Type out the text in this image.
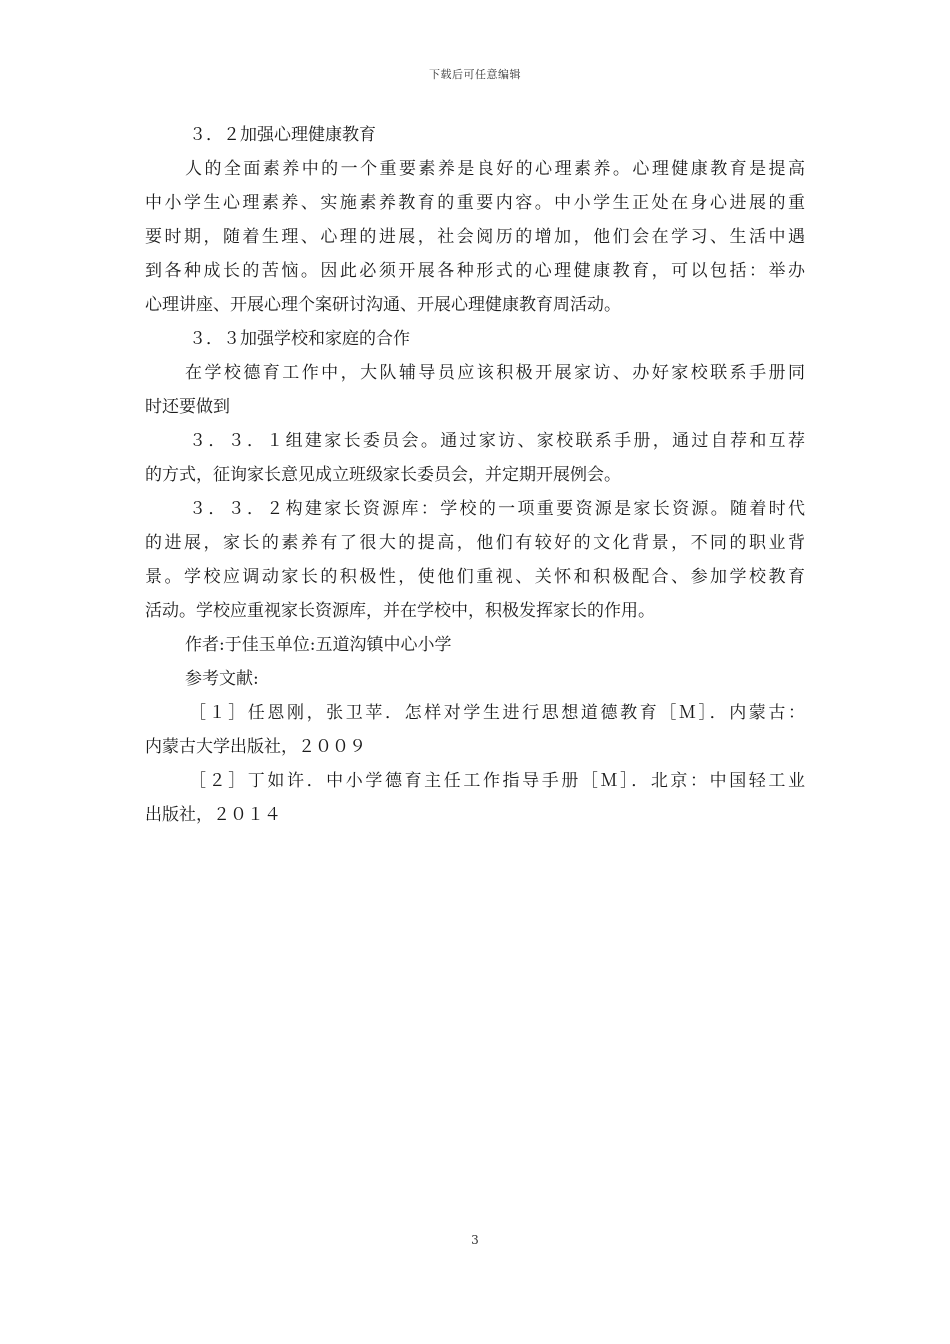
下载后可任意编辑

３．２加强心理健康教育

人的全面素养中的一个重要素养是良好的心理素养。心理健康教育是提高

中小学生心理素养、实施素养教育的重要内容。中小学生正处在身心进展的重

要时期，随着生理、心理的进展，社会阅历的增加，他们会在学习、生活中遇

到各种成长的苦恼。因此必须开展各种形式的心理健康教育，可以包括：举办

心理讲座、开展心理个案研讨沟通、开展心理健康教育周活动。

３．３加强学校和家庭的合作

在学校德育工作中，大队辅导员应该积极开展家访、办好家校联系手册同

时还要做到

３．３．１组建家长委员会。通过家访、家校联系手册，通过自荐和互荐

的方式，征询家长意见成立班级家长委员会，并定期开展例会。

３．３．２构建家长资源库：学校的一项重要资源是家长资源。随着时代

的进展，家长的素养有了很大的提高，他们有较好的文化背景，不同的职业背

景。学校应调动家长的积极性，使他们重视、关怀和积极配合、参加学校教育

活动。学校应重视家长资源库，并在学校中，积极发挥家长的作用。

作者:于佳玉单位:五道沟镇中心小学

参考文献:

［１］任恩刚，张卫苹．怎样对学生进行思想道德教育［Ｍ］．内蒙古：

内蒙古大学出版社，２００９

［２］丁如许．中小学德育主任工作指导手册［Ｍ］．北京：中国轻工业

出版社，２０１４

3
